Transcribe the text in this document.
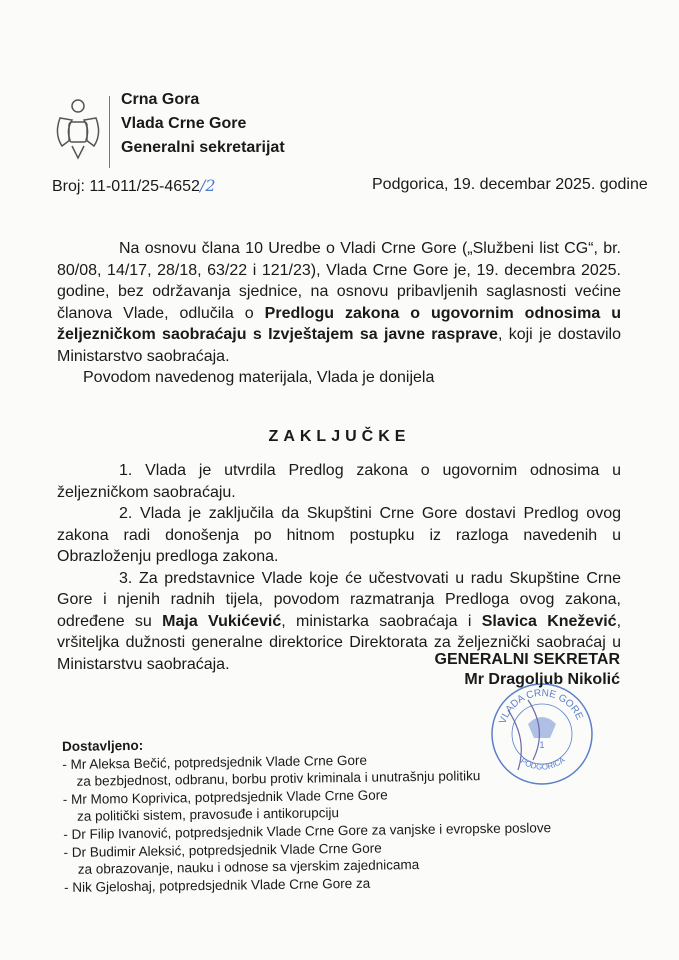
Crna Gora
Vlada Crne Gore
Generalni sekretarijat
Broj: 11-011/25-4652/2	Podgorica, 19. decembar 2025. godine

Na osnovu člana 10 Uredbe o Vladi Crne Gore („Službeni list CG“, br. 80/08, 14/17, 28/18, 63/22 i 121/23), Vlada Crne Gore je, 19. decembra 2025. godine, bez održavanja sjednice, na osnovu pribavljenih saglasnosti većine članova Vlade, odlučila o Predlogu zakona o ugovornim odnosima u željezničkom saobraćaju s Izvještajem sa javne rasprave, koji je dostavilo Ministarstvo saobraćaja.

Povodom navedenog materijala, Vlada je donijela

ZAKLJUČKE

1. Vlada je utvrdila Predlog zakona o ugovornim odnosima u željezničkom saobraćaju.

2. Vlada je zaključila da Skupštini Crne Gore dostavi Predlog ovog zakona radi donošenja po hitnom postupku iz razloga navedenih u Obrazloženju predloga zakona.

3. Za predstavnice Vlade koje će učestvovati u radu Skupštine Crne Gore i njenih radnih tijela, povodom razmatranja Predloga ovog zakona, određene su Maja Vukićević, ministarka saobraćaja i Slavica Knežević, vršiteljka dužnosti generalne direktorice Direktorata za željeznički saobraćaj u Ministarstvu saobraćaja.

VLADA CRNE GORE
1
PODGORICA
GENERALNI SEKRETAR
Mr Dragoljub Nikolić
Dostavljeno:
- Mr Aleksa Bečić, potpredsjednik Vlade Crne Gore
za bezbjednost, odbranu, borbu protiv kriminala i unutrašnju politiku
- Mr Momo Koprivica, potpredsjednik Vlade Crne Gore
za politički sistem, pravosuđe i antikorupciju
- Dr Filip Ivanović, potpredsjednik Vlade Crne Gore za vanjske i evropske poslove
- Dr Budimir Aleksić, potpredsjednik Vlade Crne Gore
za obrazovanje, nauku i odnose sa vjerskim zajednicama
- Nik Gjeloshaj, potpredsjednik Vlade Crne Gore za
